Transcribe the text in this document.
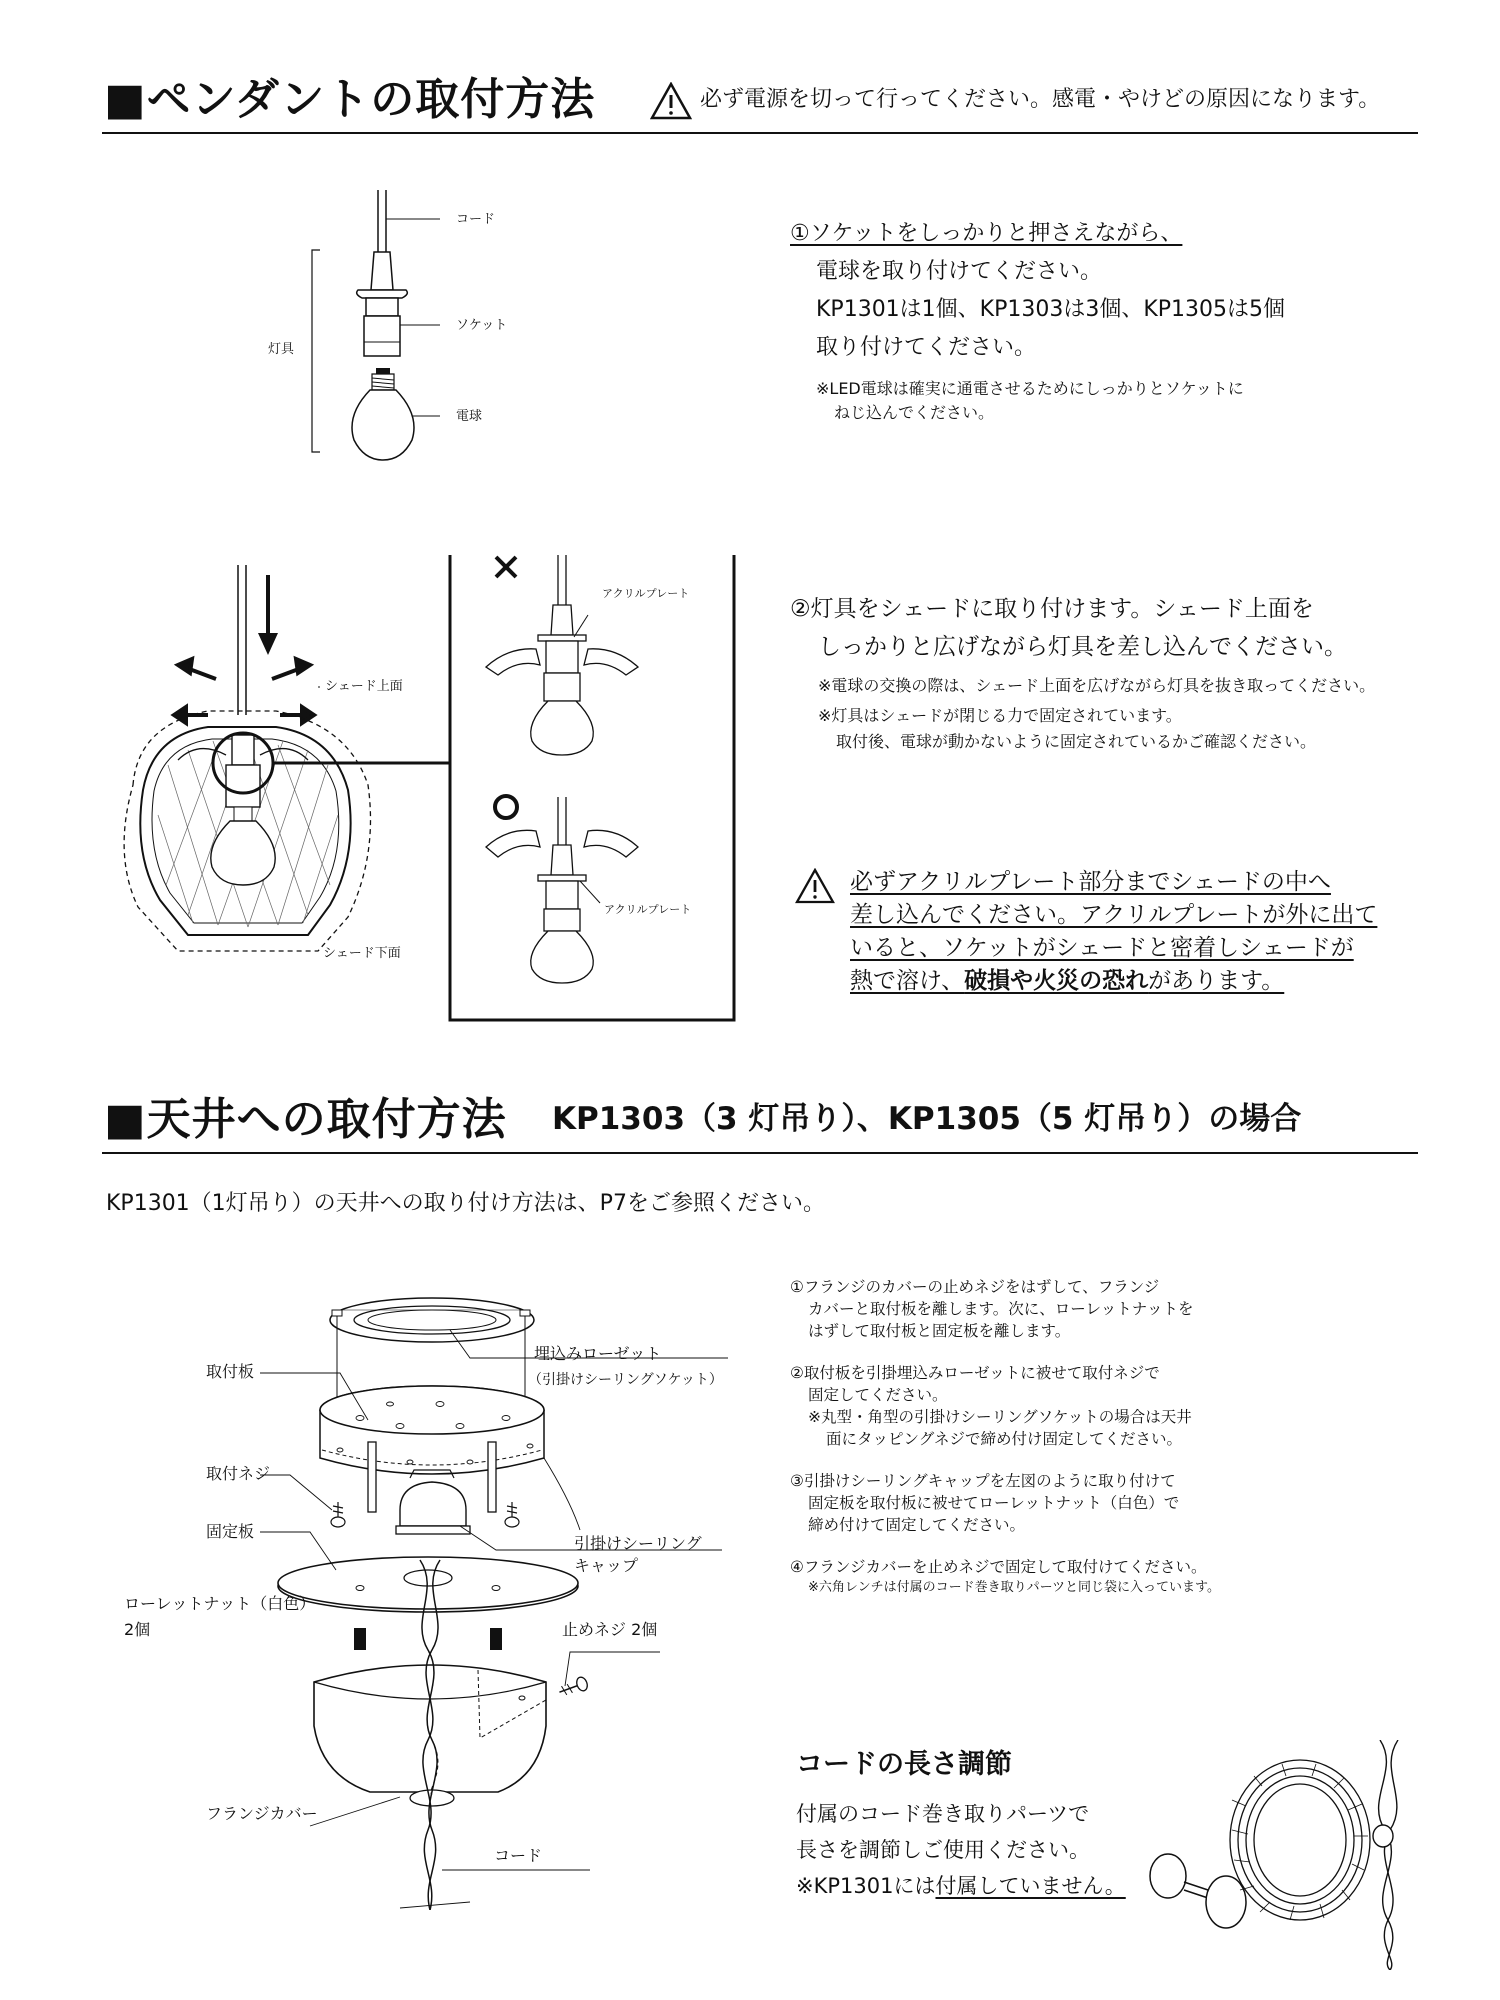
■ペンダントの取付方法	必ず電源を切って行ってください。感電・やけどの原因になります。
コード
灯具
ソケット
電球
①ソケットをしっかりと押さえながら、
電球を取り付けてください。
KP1301は1個、KP1303は3個、KP1305は5個
取り付けてください。
※LED電球は確実に通電させるためにしっかりとソケットに
ねじ込んでください。
シェード上面
シェード下面
アクリルプレート
アクリルプレート
②灯具をシェードに取り付けます。シェード上面を
しっかりと広げながら灯具を差し込んでください。
※電球の交換の際は、シェード上面を広げながら灯具を抜き取ってください。
※灯具はシェードが閉じる力で固定されています。
取付後、電球が動かないように固定されているかご確認ください。
必ずアクリルプレート部分までシェードの中へ
差し込んでください。アクリルプレートが外に出て
いると、ソケットがシェードと密着しシェードが
熱で溶け、破損や火災の恐れがあります。
■天井への取付方法 KP1303（3 灯吊り）、KP1305（5 灯吊り）の場合
KP1301（1灯吊り）の天井への取り付け方法は、P7をご参照ください。
取付板
取付ネジ
固定板
ローレットナット（白色）
2個
フランジカバー
埋込みローゼット
（引掛けシーリングソケット）
引掛けシーリング
キャップ
止めネジ 2個
コード
①フランジのカバーの止めネジをはずして、フランジ
カバーと取付板を離します。次に、ローレットナットを
はずして取付板と固定板を離します。
②取付板を引掛埋込みローゼットに被せて取付ネジで
固定してください。
※丸型・角型の引掛けシーリングソケットの場合は天井
面にタッピングネジで締め付け固定してください。
③引掛けシーリングキャップを左図のように取り付けて
固定板を取付板に被せてローレットナット（白色）で
締め付けて固定してください。
④フランジカバーを止めネジで固定して取付けてください。
※六角レンチは付属のコード巻き取りパーツと同じ袋に入っています。
コードの長さ調節
付属のコード巻き取りパーツで
長さを調節しご使用ください。
※KP1301には付属していません。
